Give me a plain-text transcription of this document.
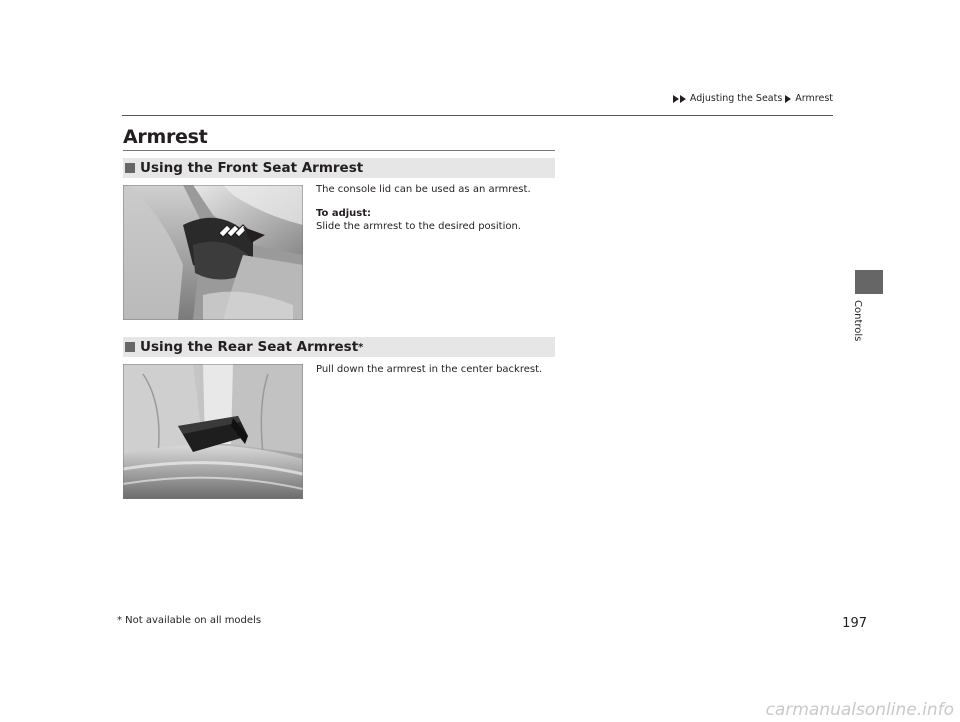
Adjusting the Seats Armrest
Controls
Armrest
Using the Front Seat Armrest
The console lid can be used as an armrest.
To adjust:
Slide the armrest to the desired position.
Using the Rear Seat Armrest *
Pull down the armrest in the center backrest.
* Not available on all models	197
carmanualsonline.info
